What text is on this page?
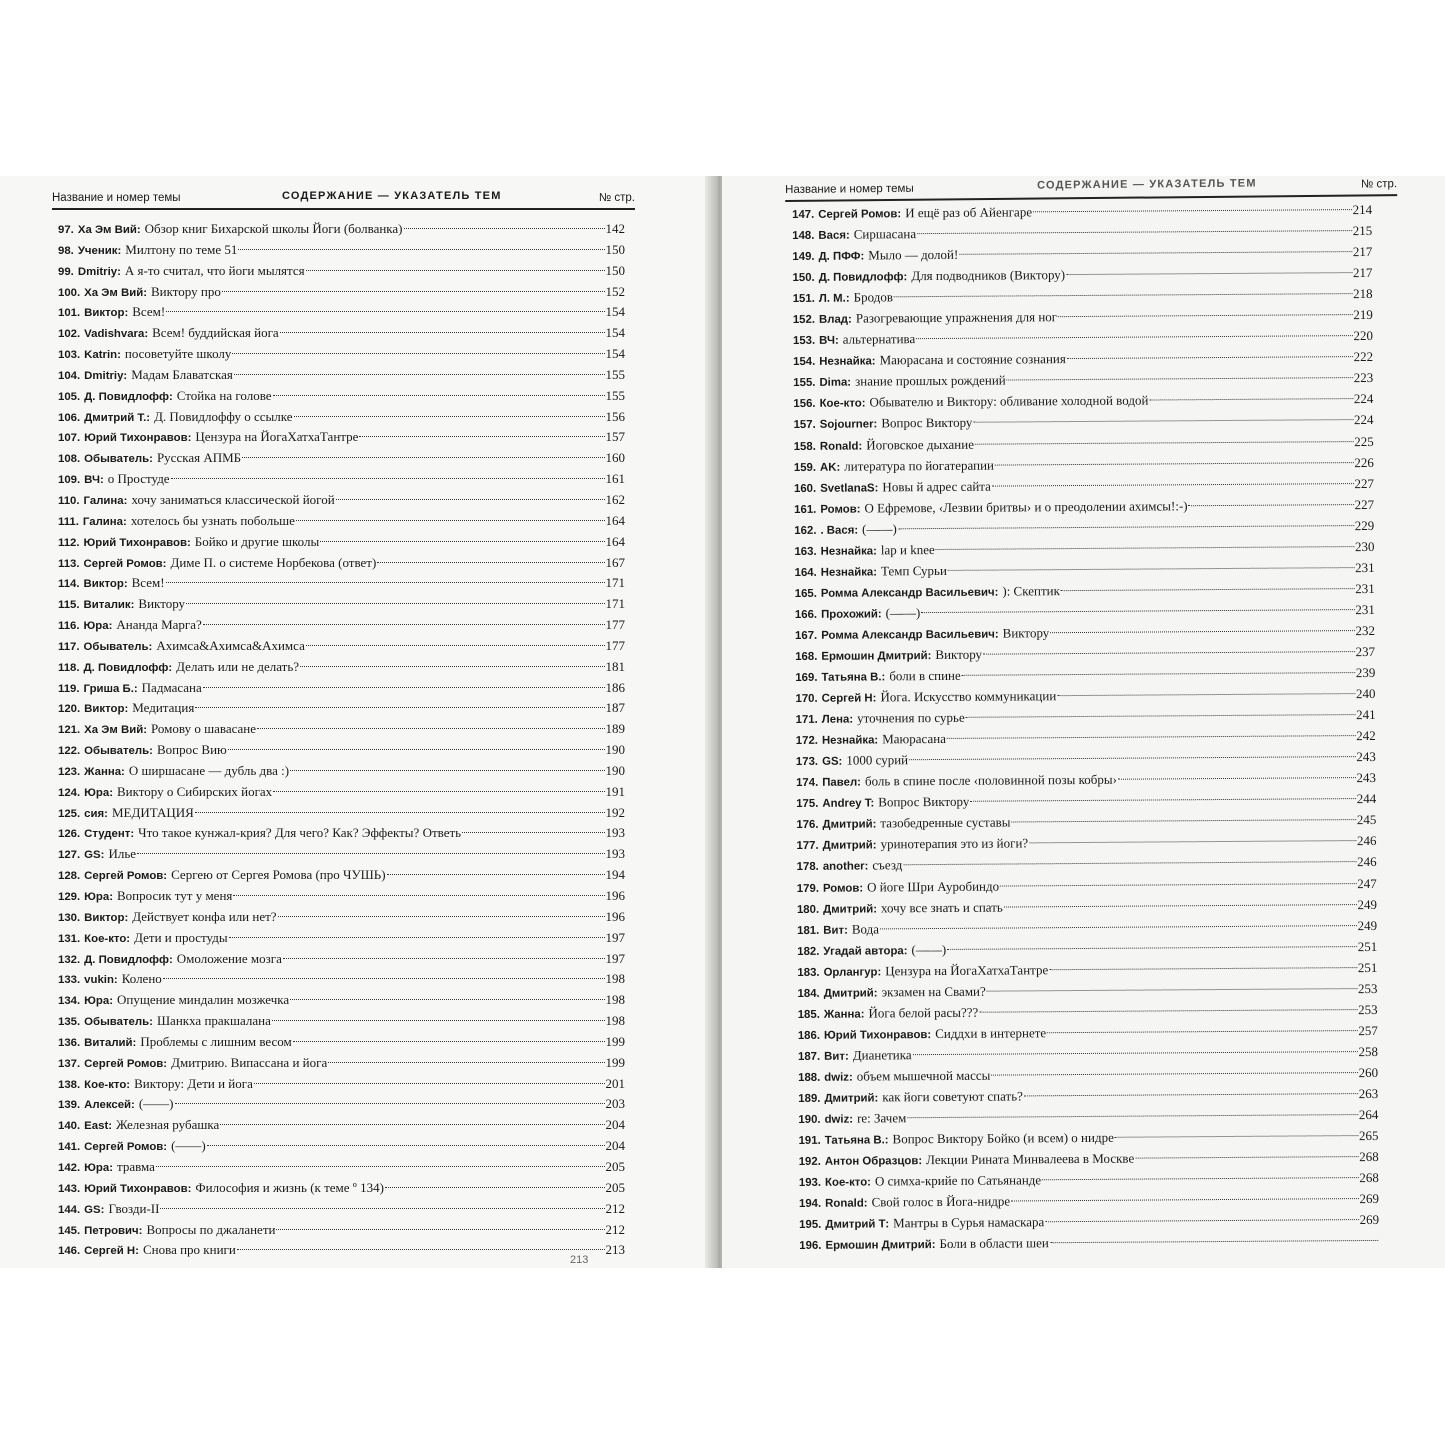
Название и номер темы	СОДЕРЖАНИЕ — УКАЗАТЕЛЬ ТЕМ	№ стр.
97. Ха Эм Вий: Обзор книг Бихарской школы Йоги (болванка)	142
98. Ученик: Милтону по теме 51	150
99. Dmitriy: А я-то считал, что йоги мылятся	150
100. Ха Эм Вий: Виктору про	152
101. Виктор: Всем!	154
102. Vadishvara: Всем! буддийская йога	154
103. Katrin: посоветуйте школу	154
104. Dmitriy: Мадам Блаватская	155
105. Д. Повидлофф: Стойка на голове	155
106. Дмитрий Т.: Д. Повидлоффу о ссылке	156
107. Юрий Тихонравов: Цензура на ЙогаХатхаТантре	157
108. Обыватель: Русская АПМБ	160
109. ВЧ: о Простуде	161
110. Галина: хочу заниматься классической йогой	162
111. Галина: хотелось бы узнать побольше	164
112. Юрий Тихонравов: Бойко и другие школы	164
113. Сергей Ромов: Диме П. о системе Норбекова (ответ)	167
114. Виктор: Всем!	171
115. Виталик: Виктору	171
116. Юра: Ананда Марга?	177
117. Обыватель: Ахимса&Ахимса&Ахимса	177
118. Д. Повидлофф: Делать или не делать?	181
119. Гриша Б.: Падмасана	186
120. Виктор: Медитация	187
121. Ха Эм Вий: Ромову о шавасане	189
122. Обыватель: Вопрос Вию	190
123. Жанна: О ширшасане — дубль два :)	190
124. Юра: Виктору о Сибирских йогах	191
125. сия: МЕДИТАЦИЯ	192
126. Студент: Что такое кунжал-крия? Для чего? Как? Эффекты? Ответь	193
127. GS: Илье	193
128. Сергей Ромов: Сергею от Сергея Ромова (про ЧУШЬ)	194
129. Юра: Вопросик тут у меня	196
130. Виктор: Действует конфа или нет?	196
131. Кое-кто: Дети и простуды	197
132. Д. Повидлофф: Омоложение мозга	197
133. vukin: Колено	198
134. Юра: Опущение миндалин мозжечка	198
135. Обыватель: Шанкха пракшалана	198
136. Виталий: Проблемы с лишним весом	199
137. Сергей Ромов: Дмитрию. Випассана и йога	199
138. Кое-кто: Виктору: Дети и йога	201
139. Алексей: (——)	203
140. East: Железная рубашка	204
141. Сергей Ромов: (——)	204
142. Юра: травма	205
143. Юрий Тихонравов: Философия и жизнь (к теме º 134)	205
144. GS: Гвозди-II	212
145. Петрович: Вопросы по джаланети	212
146. Сергей Н: Снова про книги	213
213
Название и номер темы	СОДЕРЖАНИЕ — УКАЗАТЕЛЬ ТЕМ	№ стр.
147. Сергей Ромов: И ещё раз об Айенгаре	214
148. Вася: Сиршасана	215
149. Д. ПФФ: Мыло — долой!	217
150. Д. Повидлофф: Для подводников (Виктору)	217
151. Л. М.: Бродов	218
152. Влад: Разогревающие упражнения для ног	219
153. ВЧ: альтернатива	220
154. Незнайка: Маюрасана и состояние сознания	222
155. Dima: знание прошлых рождений	223
156. Кое-кто: Обывателю и Виктору: обливание холодной водой	224
157. Sojourner: Вопрос Виктору	224
158. Ronald: Йоговское дыхание	225
159. AK: литература по йогатерапии	226
160. SvetlanaS: Новы й адрес сайта	227
161. Ромов: О Ефремове, ‹Лезвии бритвы› и о преодолении ахимсы!:-)	227
162. . Вася: (——)	229
163. Незнайка: lap и knee	230
164. Незнайка: Темп Сурьи	231
165. Ромма Александр Васильевич: ): Скептик	231
166. Прохожий: (——)	231
167. Ромма Александр Васильевич: Виктору	232
168. Ермошин Дмитрий: Виктору	237
169. Татьяна В.: боли в спине	239
170. Сергей Н: Йога. Искусство коммуникации	240
171. Лена: уточнения по сурье	241
172. Незнайка: Маюрасана	242
173. GS: 1000 сурий	243
174. Павел: боль в спине после ‹половинной позы кобры›	243
175. Andrey T: Вопрос Виктору	244
176. Дмитрий: тазобедренные суставы	245
177. Дмитрий: уринотерапия это из йоги?	246
178. another: съезд	246
179. Ромов: О йоге Шри Ауробиндо	247
180. Дмитрий: хочу все знать и спать	249
181. Вит: Вода	249
182. Угадай автора: (——)	251
183. Орлангур: Цензура на ЙогаХатхаТантре	251
184. Дмитрий: экзамен на Свами?	253
185. Жанна: Йога белой расы???	253
186. Юрий Тихонравов: Сиддхи в интернете	257
187. Вит: Дианетика	258
188. dwiz: объем мышечной массы	260
189. Дмитрий: как йоги советуют спать?	263
190. dwiz: re: Зачем	264
191. Татьяна В.: Вопрос Виктору Бойко (и всем) о нидре	265
192. Антон Образцов: Лекции Рината Минвалеева в Москве	268
193. Кое-кто: О симха-крийе по Сатьянанде	268
194. Ronald: Свой голос в Йога-нидре	269
195. Дмитрий Т: Мантры в Сурья намаскара	269
196. Ермошин Дмитрий: Боли в области шеи
